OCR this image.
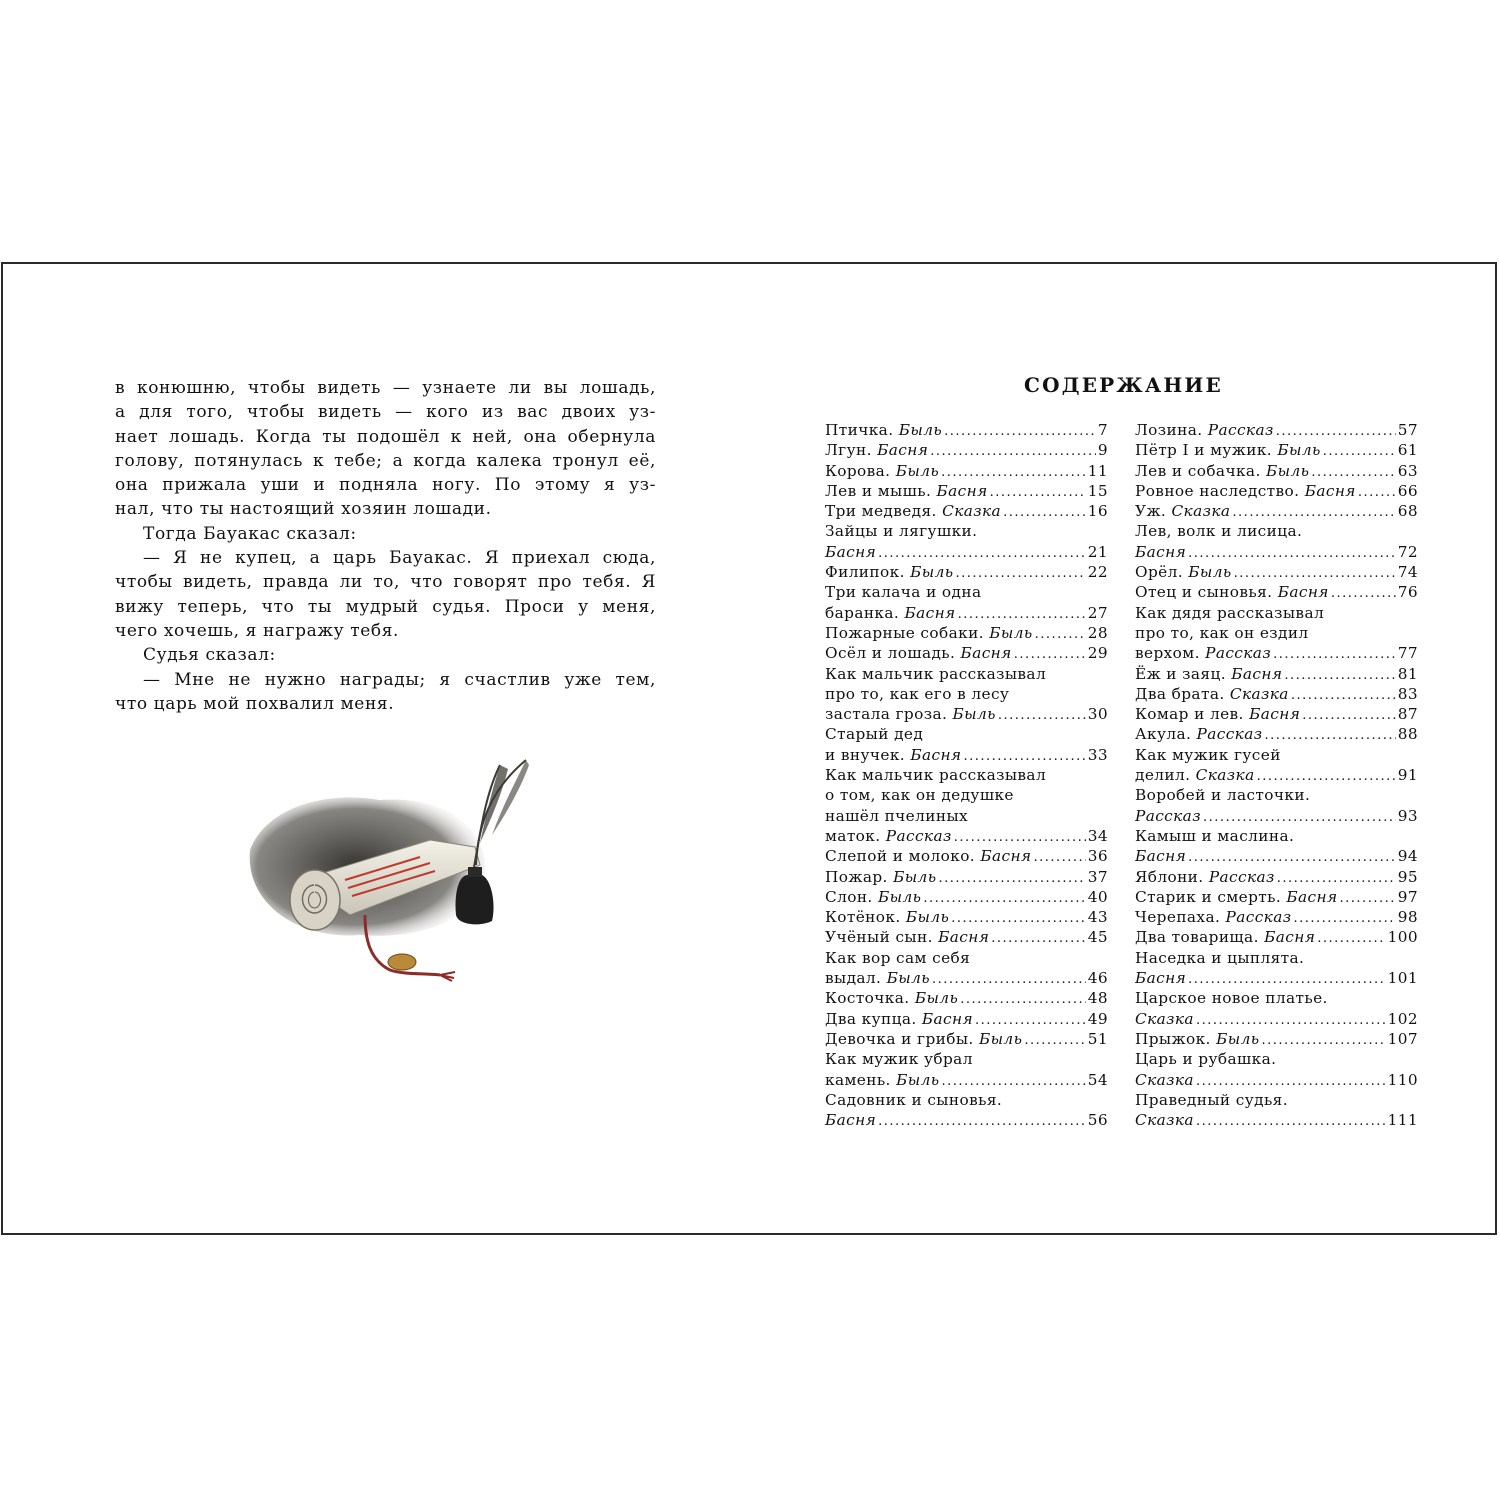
в конюшню, чтобы видеть — узнаете ли вы лошадь,
а для того, чтобы видеть — кого из вас двоих уз-
нает лошадь. Когда ты подошёл к ней, она обернула
голову, потянулась к тебе; а когда калека тронул её,
она прижала уши и подняла ногу. По этому я уз-
нал, что ты настоящий хозяин лошади.
Тогда Бауакас сказал:
— Я не купец, а царь Бауакас. Я приехал сюда,
чтобы видеть, правда ли то, что говорят про тебя. Я
вижу теперь, что ты мудрый судья. Проси у меня,
чего хочешь, я награжу тебя.
Судья сказал:
— Мне не нужно награды; я счастлив уже тем,
что царь мой похвалил меня.
СОДЕРЖАНИЕ
Птичка. Быль .....	7
Лгун. Басня .....	9
Корова. Быль .....	11
Лев и мышь. Басня .....	15
Три медведя. Сказка .....	16
Зайцы и лягушки.
Басня .....	21
Филипок. Быль .....	22
Три калача и одна
баранка. Басня .....	27
Пожарные собаки. Быль .....	28
Осёл и лошадь. Басня .....	29
Как мальчик рассказывал
про то, как его в лесу
застала гроза. Быль .....	30
Старый дед
и внучек. Басня .....	33
Как мальчик рассказывал
о том, как он дедушке
нашёл пчелиных
маток. Рассказ .....	34
Слепой и молоко. Басня .....	36
Пожар. Быль .....	37
Слон. Быль .....	40
Котёнок. Быль .....	43
Учёный сын. Басня .....	45
Как вор сам себя
выдал. Быль .....	46
Косточка. Быль .....	48
Два купца. Басня .....	49
Девочка и грибы. Быль .....	51
Как мужик убрал
камень. Быль .....	54
Садовник и сыновья.
Басня .....	56
Лозина. Рассказ .....	57
Пётр I и мужик. Быль .....	61
Лев и собачка. Быль .....	63
Ровное наследство. Басня .....	66
Уж. Сказка .....	68
Лев, волк и лисица.
Басня .....	72
Орёл. Быль .....	74
Отец и сыновья. Басня .....	76
Как дядя рассказывал
про то, как он ездил
верхом. Рассказ .....	77
Ёж и заяц. Басня .....	81
Два брата. Сказка .....	83
Комар и лев. Басня .....	87
Акула. Рассказ .....	88
Как мужик гусей
делил. Сказка .....	91
Воробей и ласточки.
Рассказ .....	93
Камыш и маслина.
Басня .....	94
Яблони. Рассказ .....	95
Старик и смерть. Басня .....	97
Черепаха. Рассказ .....	98
Два товарища. Басня .....	100
Наседка и цыплята.
Басня .....	101
Царское новое платье.
Сказка .....	102
Прыжок. Быль .....	107
Царь и рубашка.
Сказка .....	110
Праведный судья.
Сказка .....	111
